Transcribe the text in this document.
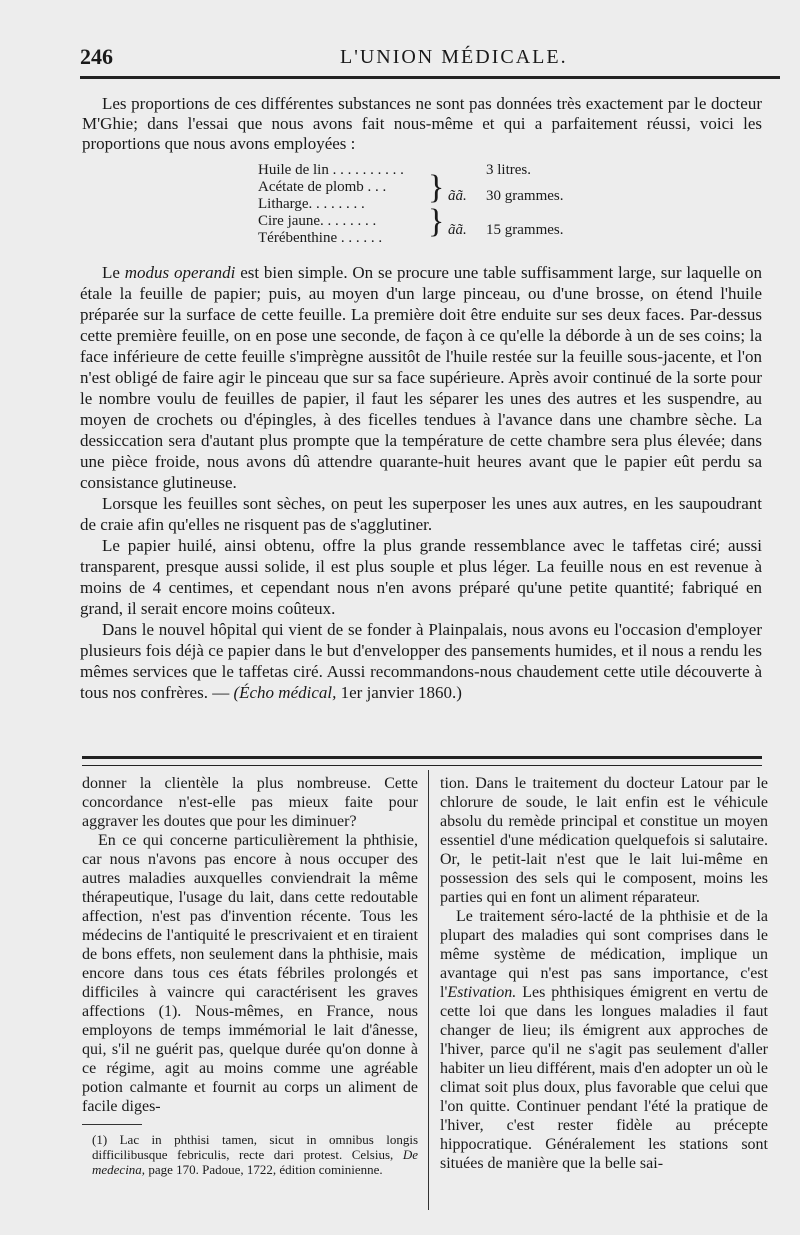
246	L'UNION MÉDICALE.

Les proportions de ces différentes substances ne sont pas données très exactement par le docteur M'Ghie; dans l'essai que nous avons fait nous-même et qui a parfaitement réussi, voici les proportions que nous avons employées :

Huile de lin . . . . . . . . . .	3 litres.
Acétate de plomb . . .
Litharge. . . . . . . . } ãã. 30 grammes.
Cire jaune. . . . . . . .
Térébenthine . . . . . . } ãã. 15 grammes.

Le modus operandi est bien simple. On se procure une table suffisamment large, sur laquelle on étale la feuille de papier; puis, au moyen d'un large pinceau, ou d'une brosse, on étend l'huile préparée sur la surface de cette feuille. La première doit être enduite sur ses deux faces. Par-dessus cette première feuille, on en pose une seconde, de façon à ce qu'elle la déborde à un de ses coins; la face inférieure de cette feuille s'imprègne aussitôt de l'huile restée sur la feuille sous-jacente, et l'on n'est obligé de faire agir le pinceau que sur sa face supérieure. Après avoir continué de la sorte pour le nombre voulu de feuilles de papier, il faut les séparer les unes des autres et les suspendre, au moyen de crochets ou d'épingles, à des ficelles tendues à l'avance dans une chambre sèche. La dessiccation sera d'autant plus prompte que la température de cette chambre sera plus élevée; dans une pièce froide, nous avons dû attendre quarante-huit heures avant que le papier eût perdu sa consistance glutineuse.

Lorsque les feuilles sont sèches, on peut les superposer les unes aux autres, en les saupoudrant de craie afin qu'elles ne risquent pas de s'agglutiner.

Le papier huilé, ainsi obtenu, offre la plus grande ressemblance avec le taffetas ciré; aussi transparent, presque aussi solide, il est plus souple et plus léger. La feuille nous en est revenue à moins de 4 centimes, et cependant nous n'en avons préparé qu'une petite quantité; fabriqué en grand, il serait encore moins coûteux.

Dans le nouvel hôpital qui vient de se fonder à Plainpalais, nous avons eu l'occasion d'employer plusieurs fois déjà ce papier dans le but d'envelopper des pansements humides, et il nous a rendu les mêmes services que le taffetas ciré. Aussi recommandons-nous chaudement cette utile découverte à tous nos confrères. — (Écho médical, 1er janvier 1860.)

donner la clientèle la plus nombreuse. Cette concordance n'est-elle pas mieux faite pour aggraver les doutes que pour les diminuer?

En ce qui concerne particulièrement la phthisie, car nous n'avons pas encore à nous occuper des autres maladies auxquelles conviendrait la même thérapeutique, l'usage du lait, dans cette redoutable affection, n'est pas d'invention récente. Tous les médecins de l'antiquité le prescrivaient et en tiraient de bons effets, non seulement dans la phthisie, mais encore dans tous ces états fébriles prolongés et difficiles à vaincre qui caractérisent les graves affections (1). Nous-mêmes, en France, nous employons de temps immémorial le lait d'ânesse, qui, s'il ne guérit pas, quelque durée qu'on donne à ce régime, agit au moins comme une agréable potion calmante et fournit au corps un aliment de facile diges-

tion. Dans le traitement du docteur Latour par le chlorure de soude, le lait enfin est le véhicule absolu du remède principal et constitue un moyen essentiel d'une médication quelquefois si salutaire. Or, le petit-lait n'est que le lait lui-même en possession des sels qui le composent, moins les parties qui en font un aliment réparateur.

Le traitement séro-lacté de la phthisie et de la plupart des maladies qui sont comprises dans le même système de médication, implique un avantage qui n'est pas sans importance, c'est l'Estivation. Les phthisiques émigrent en vertu de cette loi que dans les longues maladies il faut changer de lieu; ils émigrent aux approches de l'hiver, parce qu'il ne s'agit pas seulement d'aller habiter un lieu différent, mais d'en adopter un où le climat soit plus doux, plus favorable que celui que l'on quitte. Continuer pendant l'été la pratique de l'hiver, c'est rester fidèle au précepte hippocratique. Généralement les stations sont situées de manière que la belle sai-

(1) Lac in phthisi tamen, sicut in omnibus longis difficilibusque febriculis, recte dari protest. Celsius, De medecina, page 170. Padoue, 1722, édition cominienne.
